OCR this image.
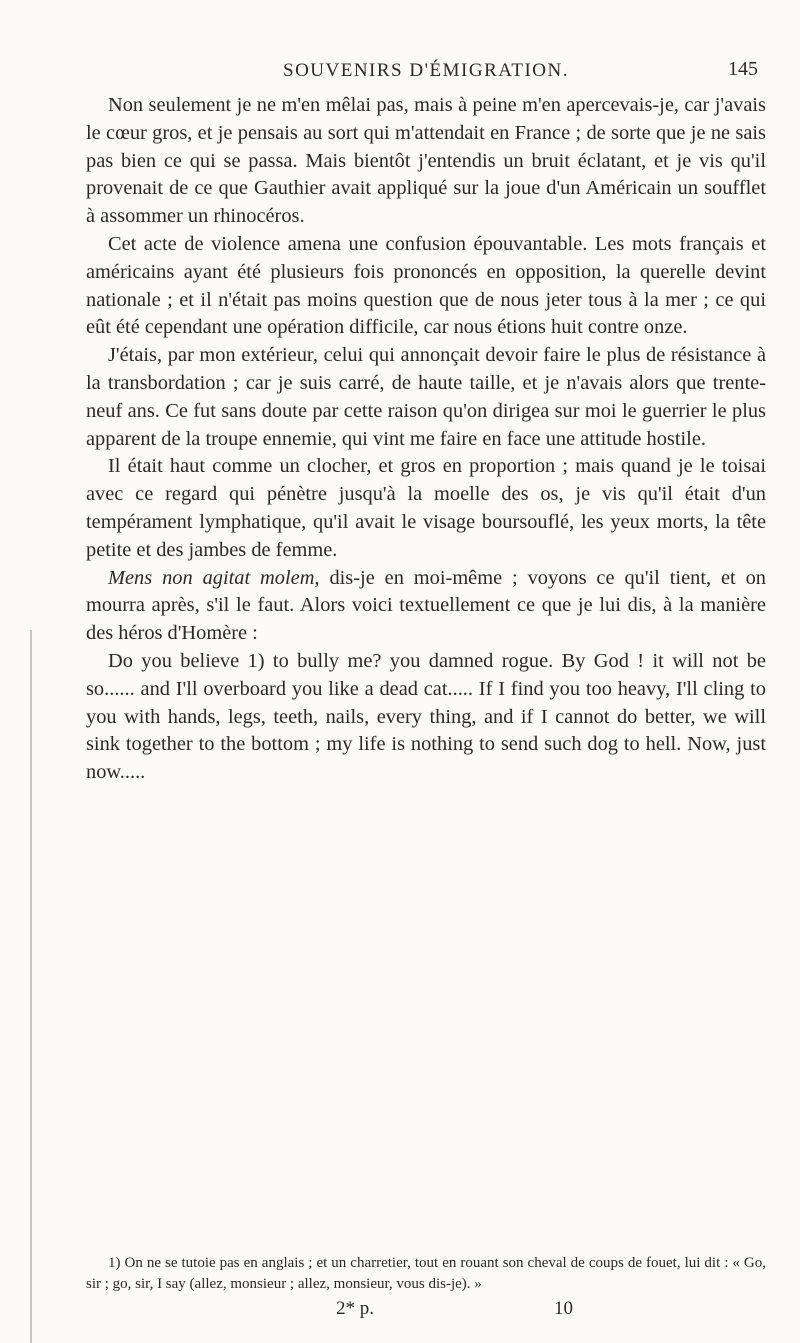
SOUVENIRS D'ÉMIGRATION.	145

Non seulement je ne m'en mêlai pas, mais à peine m'en apercevais-je, car j'avais le cœur gros, et je pensais au sort qui m'attendait en France ; de sorte que je ne sais pas bien ce qui se passa. Mais bientôt j'entendis un bruit éclatant, et je vis qu'il provenait de ce que Gauthier avait appliqué sur la joue d'un Américain un soufflet à assommer un rhinocéros.

Cet acte de violence amena une confusion épouvantable. Les mots français et américains ayant été plusieurs fois prononcés en opposition, la querelle devint nationale ; et il n'était pas moins question que de nous jeter tous à la mer ; ce qui eût été cependant une opération difficile, car nous étions huit contre onze.

J'étais, par mon extérieur, celui qui annonçait devoir faire le plus de résistance à la transbordation ; car je suis carré, de haute taille, et je n'avais alors que trente-neuf ans. Ce fut sans doute par cette raison qu'on dirigea sur moi le guerrier le plus apparent de la troupe ennemie, qui vint me faire en face une attitude hostile.

Il était haut comme un clocher, et gros en proportion ; mais quand je le toisai avec ce regard qui pénètre jusqu'à la moelle des os, je vis qu'il était d'un tempérament lymphatique, qu'il avait le visage boursouflé, les yeux morts, la tête petite et des jambes de femme.

Mens non agitat molem, dis-je en moi-même ; voyons ce qu'il tient, et on mourra après, s'il le faut. Alors voici textuellement ce que je lui dis, à la manière des héros d'Homère :

Do you believe 1) to bully me? you damned rogue. By God ! it will not be so...... and I'll overboard you like a dead cat..... If I find you too heavy, I'll cling to you with hands, legs, teeth, nails, every thing, and if I cannot do better, we will sink together to the bottom ; my life is nothing to send such dog to hell. Now, just now.....

1) On ne se tutoie pas en anglais ; et un charretier, tout en rouant son cheval de coups de fouet, lui dit : « Go, sir ; go, sir, I say (allez, monsieur ; allez, monsieur, vous dis-je). »

2* p.	10
